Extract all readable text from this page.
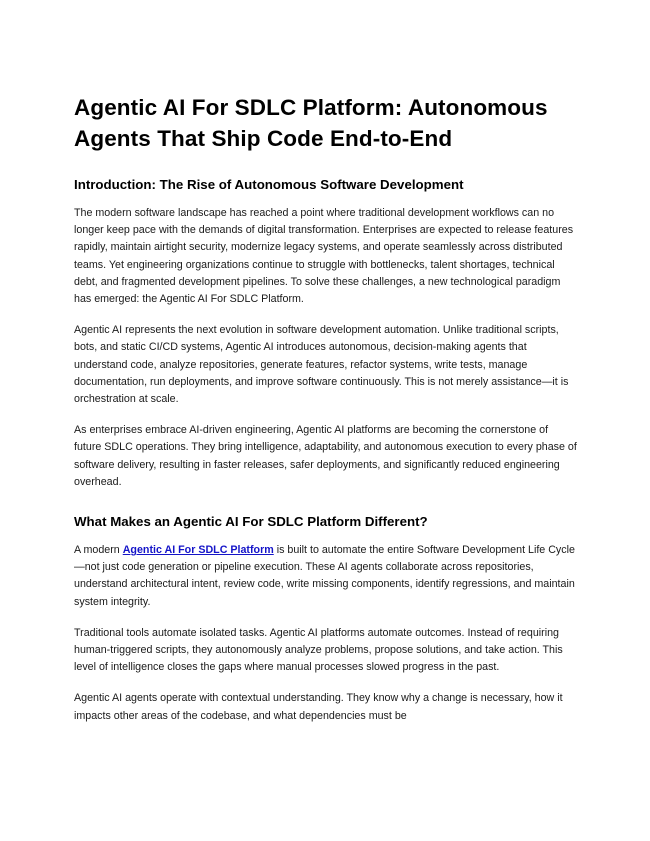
Agentic AI For SDLC Platform: Autonomous Agents That Ship Code End-to-End
Introduction: The Rise of Autonomous Software Development

The modern software landscape has reached a point where traditional development workflows can no longer keep pace with the demands of digital transformation. Enterprises are expected to release features rapidly, maintain airtight security, modernize legacy systems, and operate seamlessly across distributed teams. Yet engineering organizations continue to struggle with bottlenecks, talent shortages, technical debt, and fragmented development pipelines. To solve these challenges, a new technological paradigm has emerged: the Agentic AI For SDLC Platform.

Agentic AI represents the next evolution in software development automation. Unlike traditional scripts, bots, and static CI/CD systems, Agentic AI introduces autonomous, decision-making agents that understand code, analyze repositories, generate features, refactor systems, write tests, manage documentation, run deployments, and improve software continuously. This is not merely assistance—it is orchestration at scale.

As enterprises embrace AI-driven engineering, Agentic AI platforms are becoming the cornerstone of future SDLC operations. They bring intelligence, adaptability, and autonomous execution to every phase of software delivery, resulting in faster releases, safer deployments, and significantly reduced engineering overhead.

What Makes an Agentic AI For SDLC Platform Different?

A modern Agentic AI For SDLC Platform is built to automate the entire Software Development Life Cycle—not just code generation or pipeline execution. These AI agents collaborate across repositories, understand architectural intent, review code, write missing components, identify regressions, and maintain system integrity.

Traditional tools automate isolated tasks. Agentic AI platforms automate outcomes. Instead of requiring human-triggered scripts, they autonomously analyze problems, propose solutions, and take action. This level of intelligence closes the gaps where manual processes slowed progress in the past.

Agentic AI agents operate with contextual understanding. They know why a change is necessary, how it impacts other areas of the codebase, and what dependencies must be
